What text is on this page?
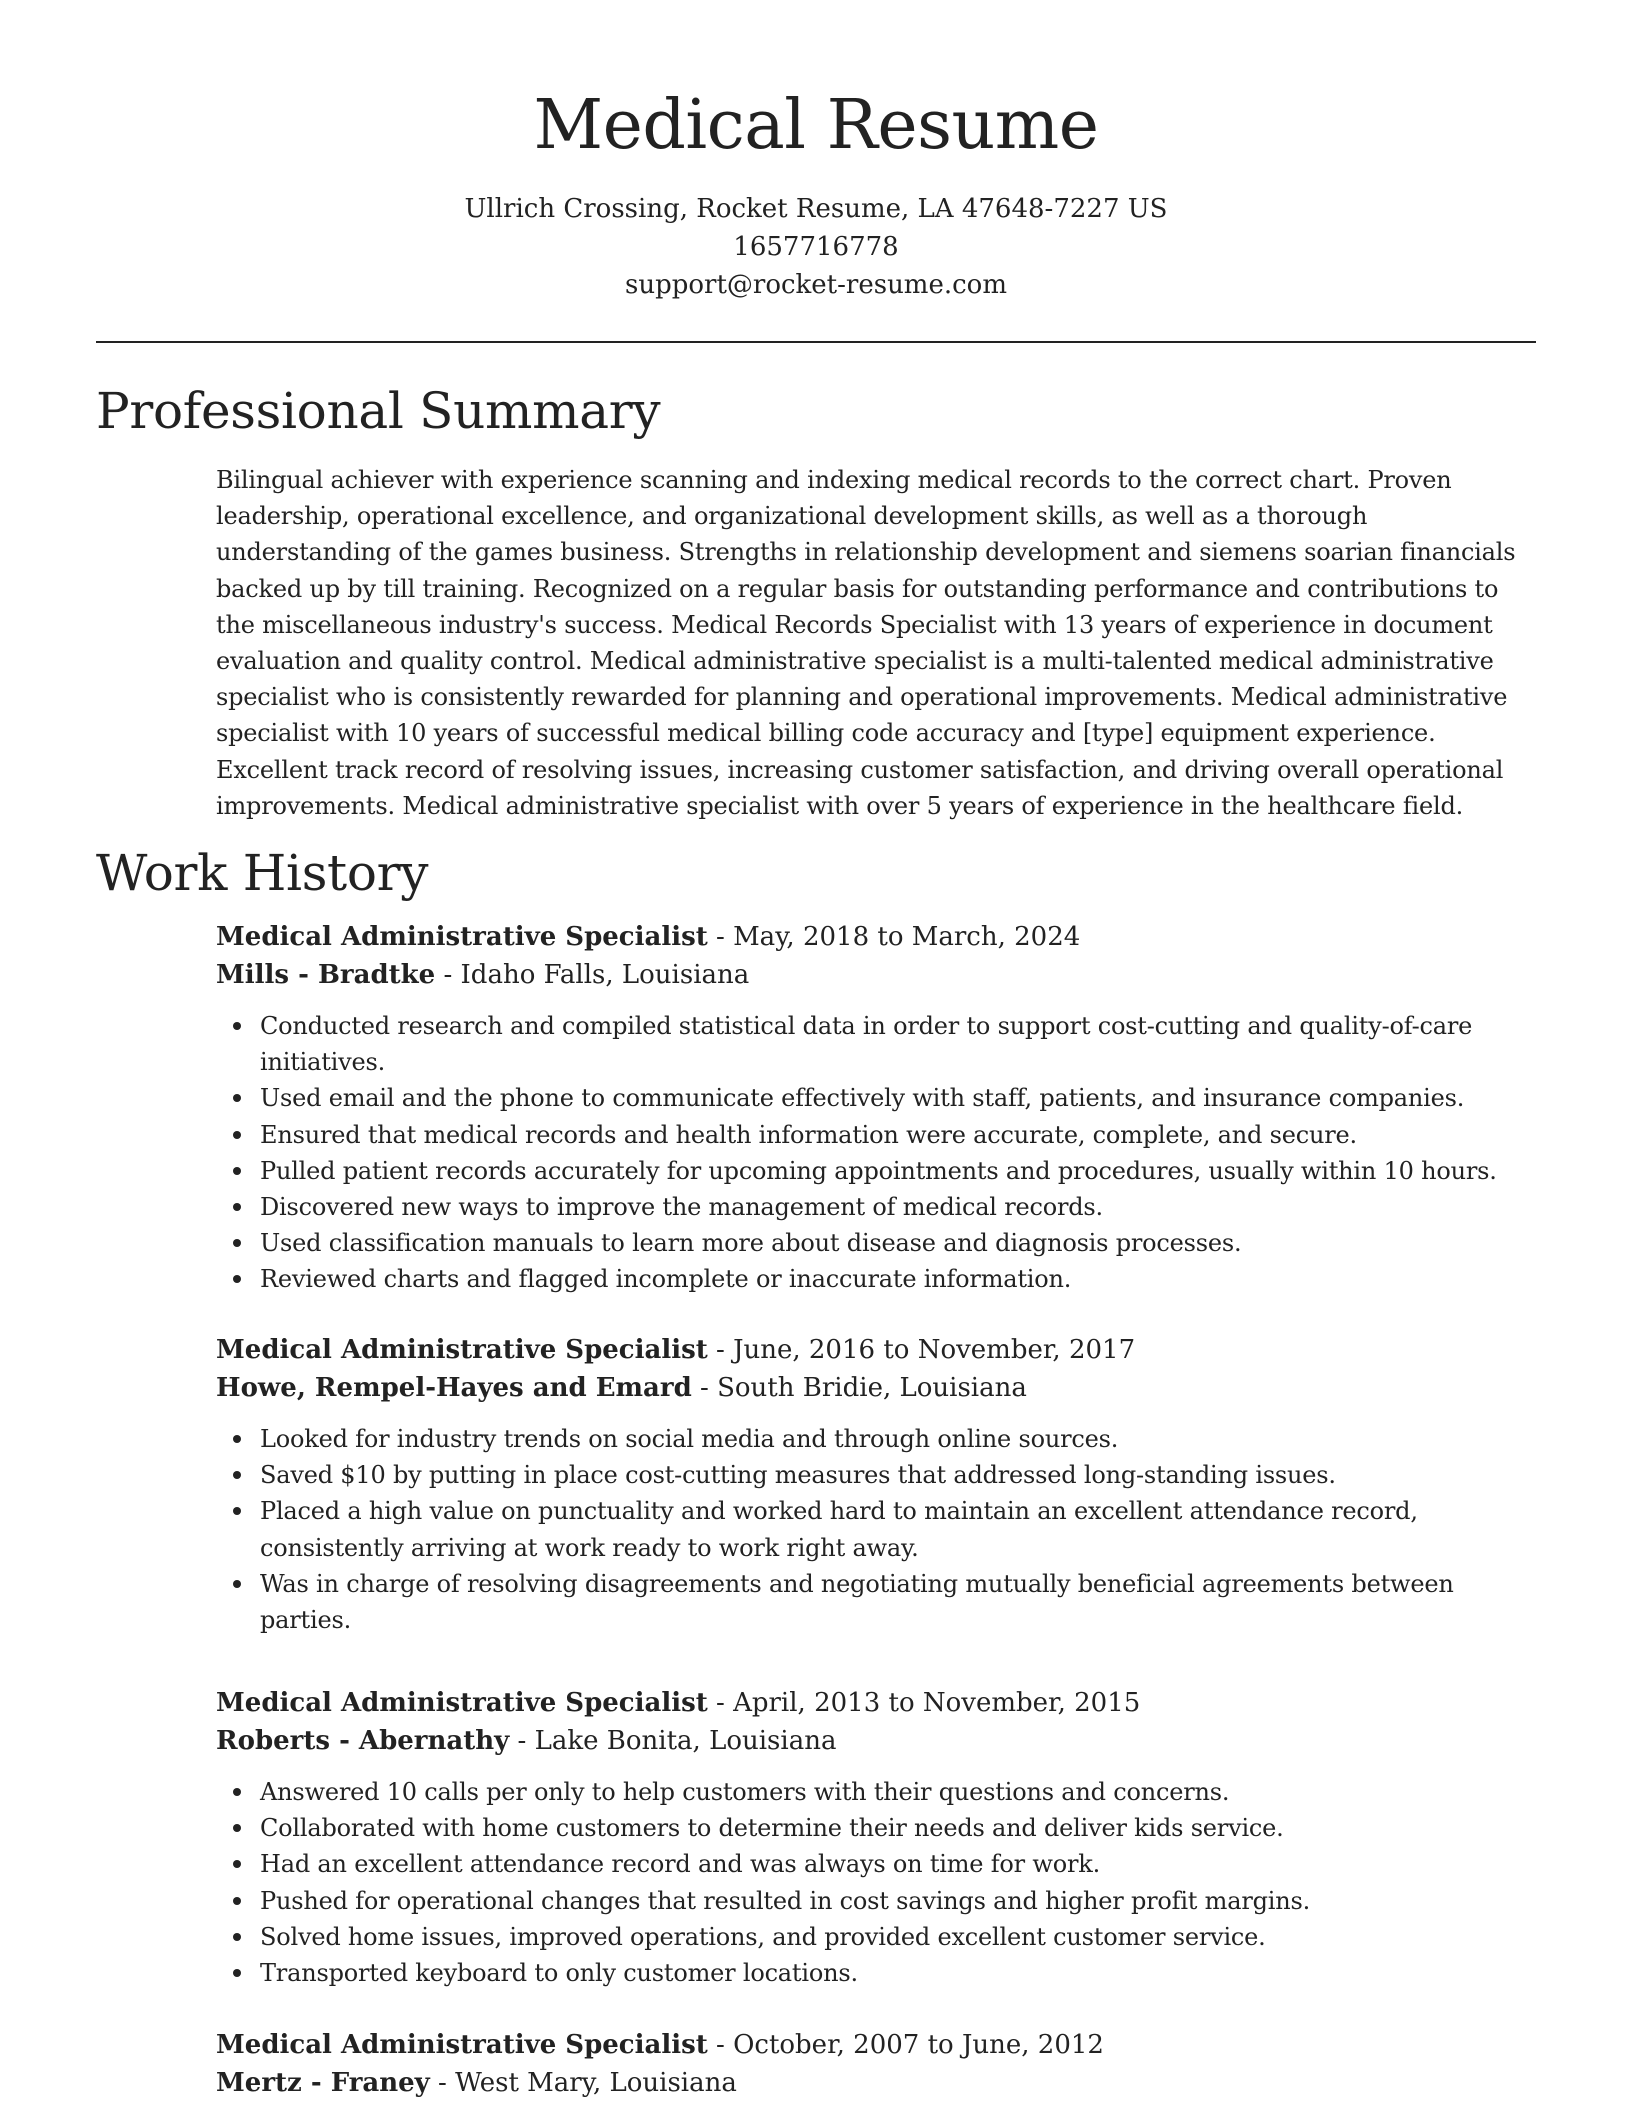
Medical Resume

Ullrich Crossing, Rocket Resume, LA 47648-7227 US

1657716778

support@rocket-resume.com

Professional Summary

Bilingual achiever with experience scanning and indexing medical records to the correct chart. Proven leadership, operational excellence, and organizational development skills, as well as a thorough understanding of the games business. Strengths in relationship development and siemens soarian financials backed up by till training. Recognized on a regular basis for outstanding performance and contributions to the miscellaneous industry's success. Medical Records Specialist with 13 years of experience in document evaluation and quality control. Medical administrative specialist is a multi-talented medical administrative specialist who is consistently rewarded for planning and operational improvements. Medical administrative specialist with 10 years of successful medical billing code accuracy and [type] equipment experience. Excellent track record of resolving issues, increasing customer satisfaction, and driving overall operational improvements. Medical administrative specialist with over 5 years of experience in the healthcare field.

Work History

Medical Administrative Specialist - May, 2018 to March, 2024

Mills - Bradtke - Idaho Falls, Louisiana

Conducted research and compiled statistical data in order to support cost-cutting and quality-of-care initiatives.
Used email and the phone to communicate effectively with staff, patients, and insurance companies.
Ensured that medical records and health information were accurate, complete, and secure.
Pulled patient records accurately for upcoming appointments and procedures, usually within 10 hours.
Discovered new ways to improve the management of medical records.
Used classification manuals to learn more about disease and diagnosis processes.
Reviewed charts and flagged incomplete or inaccurate information.

Medical Administrative Specialist - June, 2016 to November, 2017

Howe, Rempel-Hayes and Emard - South Bridie, Louisiana

Looked for industry trends on social media and through online sources.
Saved $10 by putting in place cost-cutting measures that addressed long-standing issues.
Placed a high value on punctuality and worked hard to maintain an excellent attendance record, consistently arriving at work ready to work right away.
Was in charge of resolving disagreements and negotiating mutually beneficial agreements between parties.

Medical Administrative Specialist - April, 2013 to November, 2015

Roberts - Abernathy - Lake Bonita, Louisiana

Answered 10 calls per only to help customers with their questions and concerns.
Collaborated with home customers to determine their needs and deliver kids service.
Had an excellent attendance record and was always on time for work.
Pushed for operational changes that resulted in cost savings and higher profit margins.
Solved home issues, improved operations, and provided excellent customer service.
Transported keyboard to only customer locations.

Medical Administrative Specialist - October, 2007 to June, 2012

Mertz - Franey - West Mary, Louisiana
